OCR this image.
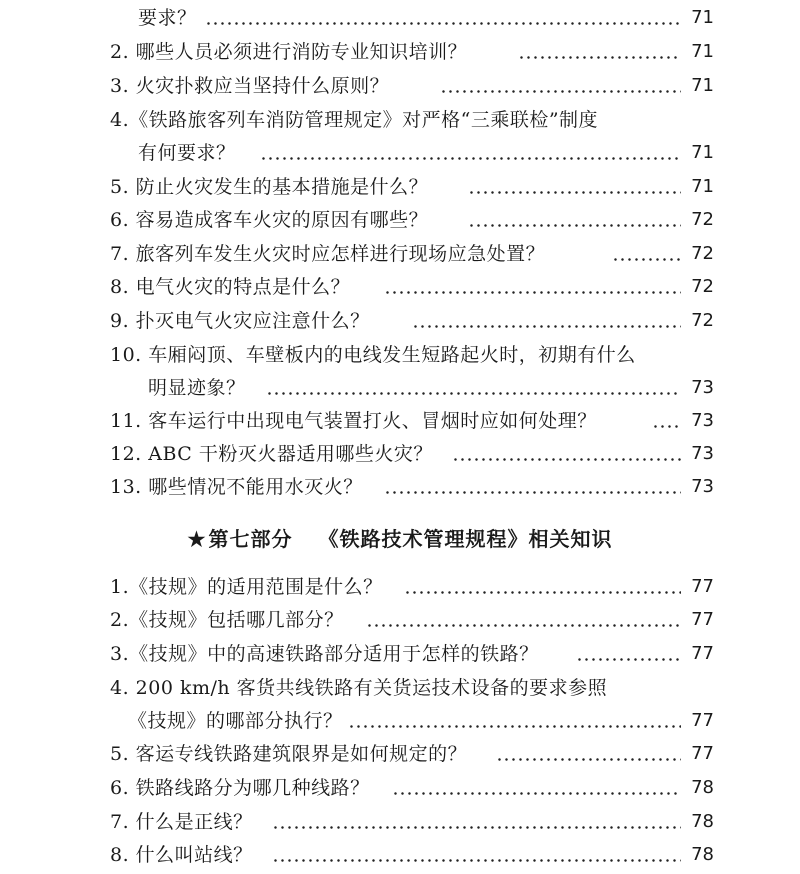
要求？	71
2. 哪些人员必须进行消防专业知识培训？	71
3. 火灾扑救应当坚持什么原则？	71
4.《铁路旅客列车消防管理规定》对严格“三乘联检”制度
有何要求？	71
5. 防止火灾发生的基本措施是什么？	71
6. 容易造成客车火灾的原因有哪些？	72
7. 旅客列车发生火灾时应怎样进行现场应急处置？	72
8. 电气火灾的特点是什么？	72
9. 扑灭电气火灾应注意什么？	72
10. 车厢闷顶、车壁板内的电线发生短路起火时，初期有什么
明显迹象？	73
11. 客车运行中出现电气装置打火、冒烟时应如何处理？	73
12. ABC 干粉灭火器适用哪些火灾？	73
13. 哪些情况不能用水灭火？	73
★ 第七部分 《铁路技术管理规程》相关知识
1.《技规》的适用范围是什么？	77
2.《技规》包括哪几部分？	77
3.《技规》中的高速铁路部分适用于怎样的铁路？	77
4. 200 km/h 客货共线铁路有关货运技术设备的要求参照
《技规》的哪部分执行？	77
5. 客运专线铁路建筑限界是如何规定的？	77
6. 铁路线路分为哪几种线路？	78
7. 什么是正线？	78
8. 什么叫站线？	78
